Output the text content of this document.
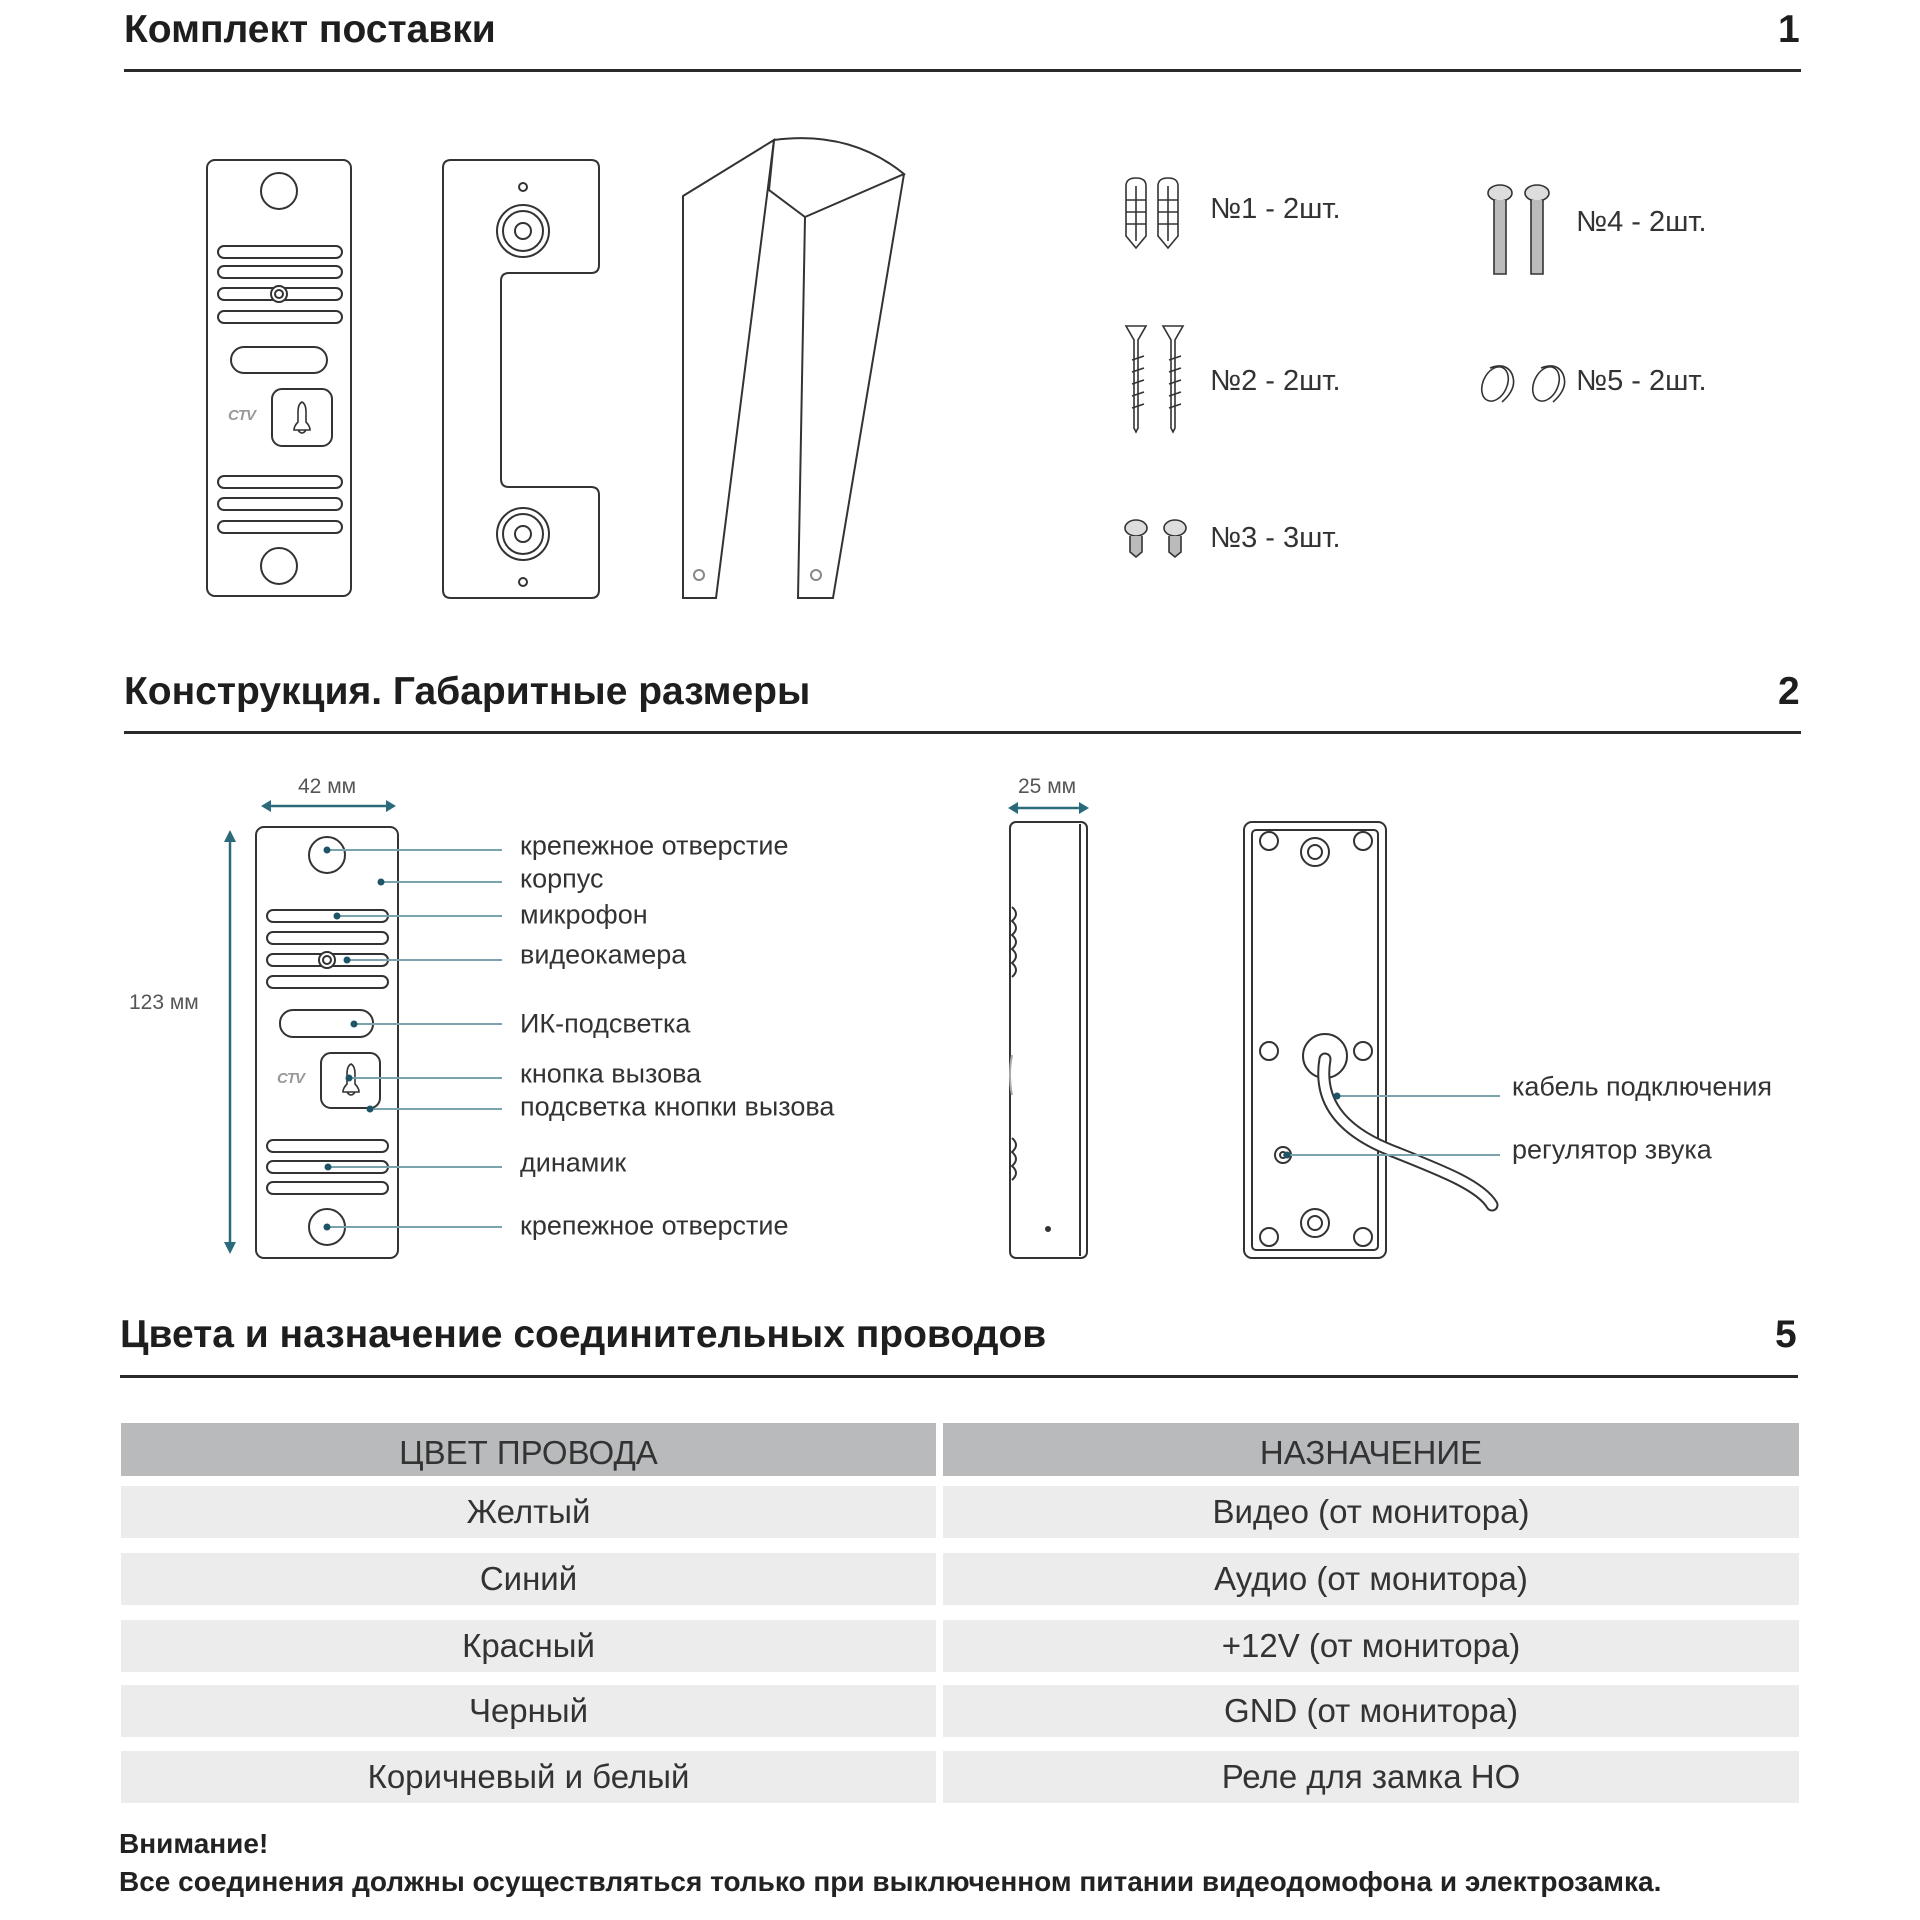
Комплект поставки	1
Конструкция. Габаритные размеры	2
Цвета и назначение соединительных проводов	5
CTV
CTV
№1 - 2шт.
№2 - 2шт.
№3 - 3шт.
№4 - 2шт.
№5 - 2шт.
42 мм
123 мм
25 мм
крепежное отверстие
корпус
микрофон
видеокамера
ИК-подсветка
кнопка вызова
подсветка кнопки вызова
динамик
крепежное отверстие
кабель подключения
регулятор звука
ЦВЕТ ПРОВОДА	НАЗНАЧЕНИЕ
Желтый	Видео (от монитора)
Синий	Аудио (от монитора)
Красный	+12V (от монитора)
Черный	GND (от монитора)
Коричневый и белый	Реле для замка НО
Внимание!
Все соединения должны осуществляться только при выключенном питании видеодомофона и электрозамка.
